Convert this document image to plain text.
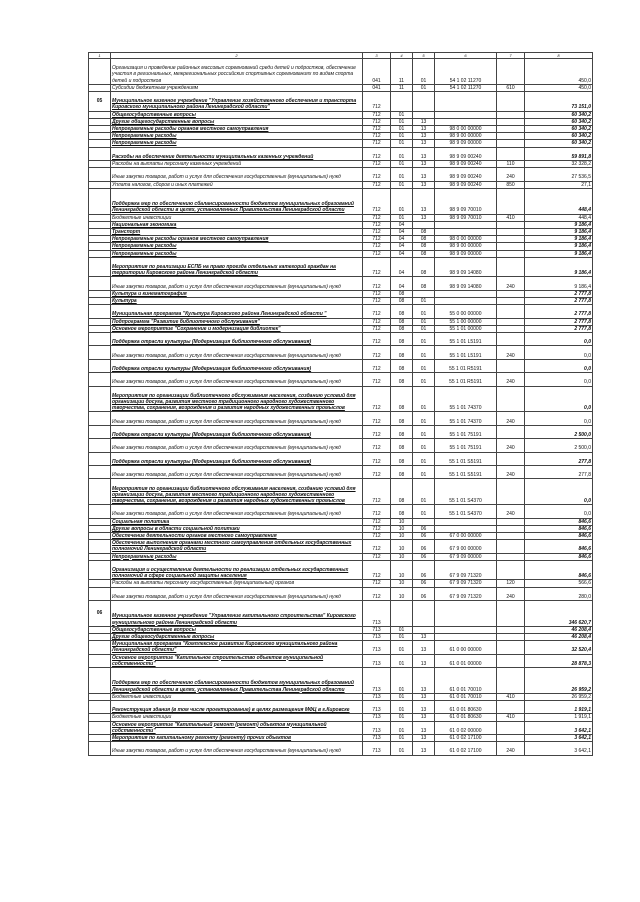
1	2	3	4	5	6	7	8
	Организация и проведение районных массовых соревнований среди детей и подростков, обеспечение участия в региональных, межрегиональных российских спортивных соревнованиях по видам спорта детей и подростков	041	11	01	54 1 02 11270		450,0
	Субсидии бюджетным учреждениям	041	11	01	54 1 02 11270	610	450,0
05	Муниципальное казенное учреждение "Управление хозяйственного обеспечения и транспорта Кировского муниципального района Ленинградской области"	712					73 151,0
	Общегосударственные вопросы	712	01				60 340,2
	Другие общегосударственные вопросы	712	01	13			60 340,2
	Непрограммные расходы органов местного самоуправления	712	01	13	98 0 00 00000		60 340,2
	Непрограммные расходы	712	01	13	98 9 00 00000		60 340,2
	Непрограммные расходы	712	01	13	98 9 09 00000		60 340,2
	Расходы на обеспечение деятельности муниципальных казенных учреждений	712	01	13	98 9 09 00240		59 891,8
	Расходы на выплаты персоналу казенных учреждений	712	01	13	98 9 09 00240	110	32 328,2
	Иные закупки товаров, работ и услуг для обеспечения государственных (муниципальных) нужд	712	01	13	98 9 09 00240	240	27 536,5
	Уплата налогов, сборов и иных платежей	712	01	13	98 9 09 00240	850	27,1
	Поддержка мер по обеспечению сбалансированности бюджетов муниципальных образований Ленинградской области в целях, установленных Правительства Ленинградской области	712	01	13	98 9 09 70010		448,4
	Бюджетные инвестиции	712	01	13	98 9 09 70010	410	448,4
	Национальная экономика	712	04				9 186,4
	Транспорт	712	04	08			9 186,4
	Непрограммные расходы органов местного самоуправления	712	04	08	98 0 00 00000		9 186,4
	Непрограммные расходы	712	04	08	98 9 00 00000		9 186,4
	Непрограммные расходы	712	04	08	98 9 09 00000		9 186,4
	Мероприятия по реализации ЕСПБ на право проезда отдельных категорий граждан на территории Кировского района Ленинградской области	712	04	08	98 9 09 14080		9 186,4
	Иные закупки товаров, работ и услуг для обеспечения государственных (муниципальных) нужд	712	04	08	98 9 09 14080	240	9 186,4
	Культура и кинематография	712	08				2 777,8
	Культура	712	08	01			2 777,8
	Муниципальная программа "Культура Кировского района Ленинградской области "	712	08	01	55 0 00 00000		2 777,8
	Подпрограмма "Развитие библиотечного обслуживания"	712	08	01	55 1 00 00000		2 777,8
	Основное мероприятие "Сохранение и модернизация библиотек"	712	08	01	55 1 01 00000		2 777,8
	Поддержка отрасли культуры (Модернизация библиотечного обслуживания)	712	08	01	55 1 01 L5191		0,0
	Иные закупки товаров, работ и услуг для обеспечения государственных (муниципальных) нужд	712	08	01	55 1 01 L5191	240	0,0
	Поддержка отрасли культуры (Модернизация библиотечного обслуживания)	712	08	01	55 1 01 R5191		0,0
	Иные закупки товаров, работ и услуг для обеспечения государственных (муниципальных) нужд	712	08	01	55 1 01 R5191	240	0,0
	Мероприятия по организации библиотечного обслуживания населения, созданию условий для организации досуга, развития местного традиционного народного художественного творчества, сохранения, возрождения и развития народных художественных промыслов	712	08	01	55 1 01 74370		0,0
	Иные закупки товаров, работ и услуг для обеспечения государственных (муниципальных) нужд	712	08	01	55 1 01 74370	240	0,0
	Поддержка отрасли культуры (Модернизация библиотечного обслуживания)	712	08	01	55 1 01 75191		2 500,0
	Иные закупки товаров, работ и услуг для обеспечения государственных (муниципальных) нужд	712	08	01	55 1 01 75191	240	2 500,0
	Поддержка отрасли культуры (Модернизация библиотечного обслуживания)	712	08	01	55 1 01 S5191		277,8
	Иные закупки товаров, работ и услуг для обеспечения государственных (муниципальных) нужд	712	08	01	55 1 01 S5191	240	277,8
	Мероприятия по организации библиотечного обслуживания населения, созданию условий для организации досуга, развития местного традиционного народного художественного творчества, сохранения, возрождения и развития народных художественных промыслов	712	08	01	55 1 01 S4370		0,0
	Иные закупки товаров, работ и услуг для обеспечения государственных (муниципальных) нужд	712	08	01	55 1 01 S4370	240	0,0
	Социальная политика	712	10				846,6
	Другие вопросы в области социальной политики	712	10	06			846,6
	Обеспечение деятельности органов местного самоуправления	712	10	06	67 0 00 00000		846,6
	Обеспечение выполнения органами местного самоуправления отдельных государственных полномочий Ленинградской области	712	10	06	67 9 00 00000		846,6
	Непрограммные расходы	712	10	06	67 9 09 00000		846,6
	Организация и осуществление деятельности по реализации отдельных государственных полномочий в сфере социальной защиты населения	712	10	06	67 9 09 71320		846,6
	Расходы на выплаты персоналу государственных (муниципальных) органов	712	10	06	67 9 09 71320	120	566,6
	Иные закупки товаров, работ и услуг для обеспечения государственных (муниципальных) нужд	712	10	06	67 9 09 71320	240	280,0
06	Муниципальное казенное учреждение "Управление капитального строительства" Кировского муниципального района Ленинградской области	713					346 620,7
	Общегосударственные вопросы	713	01				46 208,4
	Другие общегосударственные вопросы	713	01	13			46 208,4
	Муниципальная программа "Комплексное развитие Кировского муниципального района Ленинградской области"	713	01	13	61 0 00 00000		32 520,4
	Основное мероприятие "Капитальное строительство объектов муниципальной собственности"	713	01	13	61 0 01 00000		28 878,3
	Поддержка мер по обеспечению сбалансированности бюджетов муниципальных образований Ленинградской области в целях, установленных Правительства Ленинградской области	713	01	13	61 0 01 70010		26 959,2
	Бюджетные инвестиции	713	01	13	61 0 01 70010	410	26 959,2
	Реконструкция здания (в том числе проектирование) в целях размещения МФЦ в г.Кировске	713	01	13	61 0 01 80630		1 919,1
	Бюджетные инвестиции	713	01	13	61 0 01 80630	410	1 919,1
	Основное мероприятие "Капитальный ремонт (ремонт) объектов муниципальной собственности"	713	01	13	61 0 02 00000		3 642,1
	Мероприятия по капитальному ремонту (ремонту) прочих объектов	713	01	13	61 0 02 17100		3 642,1
	Иные закупки товаров, работ и услуг для обеспечения государственных (муниципальных) нужд	713	01	13	61 0 02 17100	240	3 642,1
